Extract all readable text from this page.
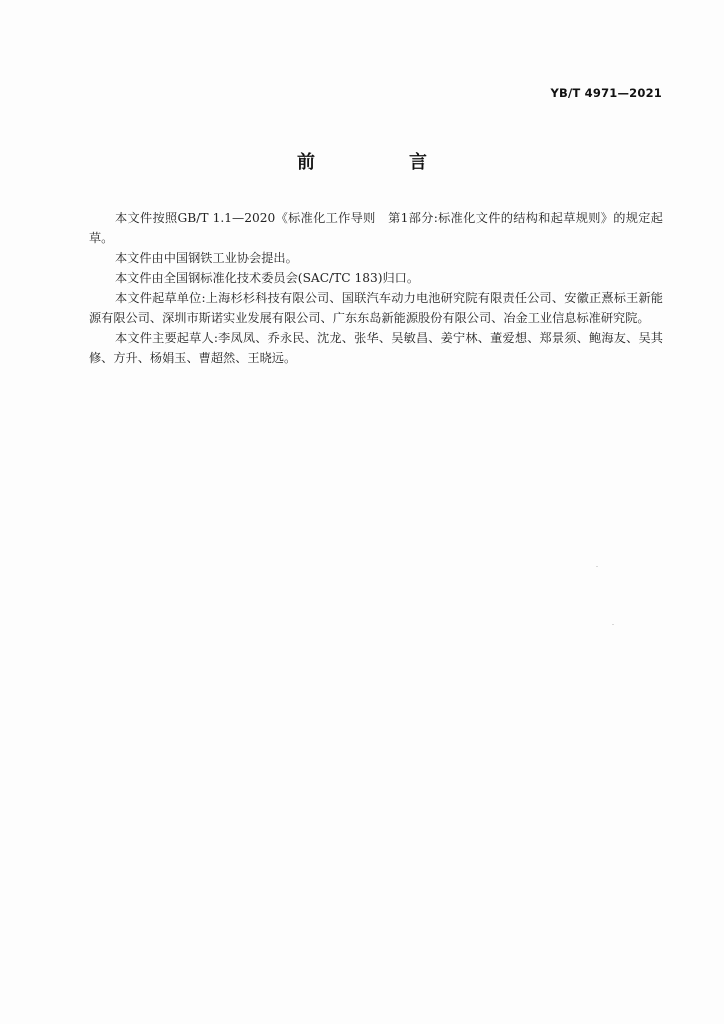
YB/T 4971—2021
前　言

本文件按照GB/T 1.1—2020《标准化工作导则　第1部分:标准化文件的结构和起草规则》的规定起草。

本文件由中国钢铁工业协会提出。

本文件由全国钢标准化技术委员会(SAC/TC 183)归口。

本文件起草单位:上海杉杉科技有限公司、国联汽车动力电池研究院有限责任公司、安徽正熹标王新能源有限公司、深圳市斯诺实业发展有限公司、广东东岛新能源股份有限公司、冶金工业信息标准研究院。

本文件主要起草人:李凤凤、乔永民、沈龙、张华、吴敏昌、姜宁林、董爱想、郑景须、鲍海友、吴其修、方升、杨娟玉、曹超然、王晓远。
